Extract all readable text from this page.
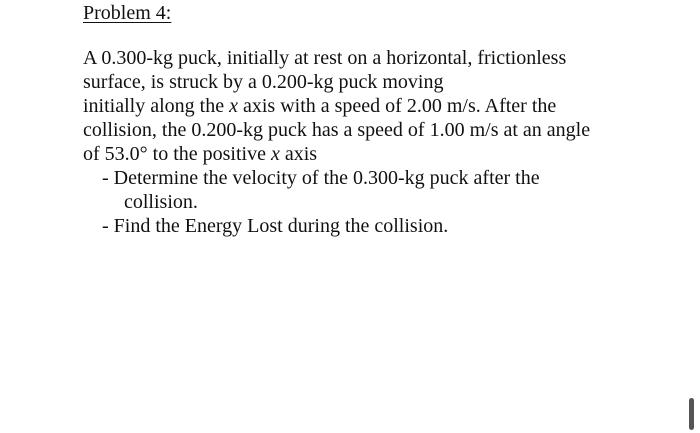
Problem 4:

A 0.300-kg puck, initially at rest on a horizontal, frictionless
surface, is struck by a 0.200-kg puck moving
initially along the x axis with a speed of 2.00 m/s. After the
collision, the 0.200-kg puck has a speed of 1.00 m/s at an angle
of 53.0° to the positive x axis

- Determine the velocity of the 0.300-kg puck after the
collision.
- Find the Energy Lost during the collision.
